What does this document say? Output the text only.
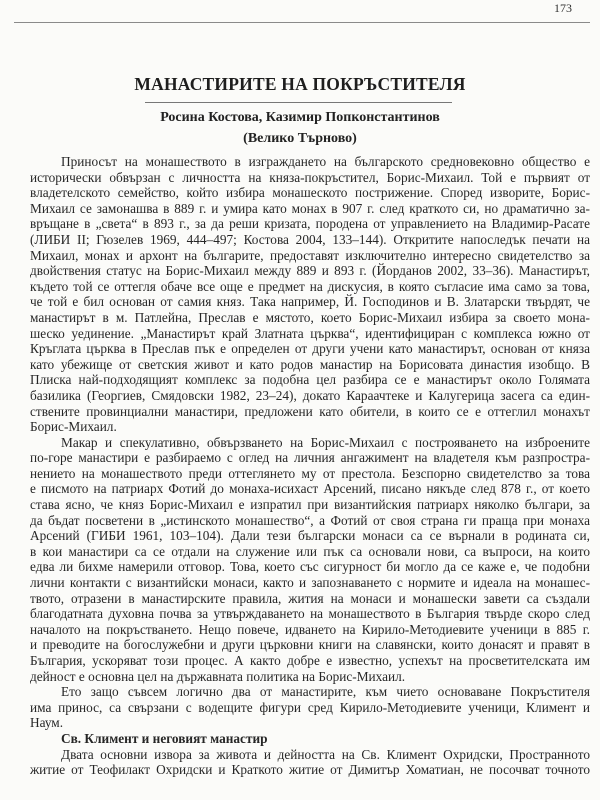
173
МАНАСТИРИТЕ НА ПОКРЪСТИТЕЛЯ
Росина Костова, Казимир Попконстантинов
(Велико Търново)
Приносът на монашеството в изграждането на българското средновековно общество е
исторически обвързан с личността на княза-покръстител, Борис-Михаил. Той е първият от
владетелското семейство, който избира монашеското пострижение. Според изворите, Борис-
Михаил се замонашва в 889 г. и умира като монах в 907 г. след краткото си, но драматично за-
връщане в „света“ в 893 г., за да реши кризата, породена от управлението на Владимир-Расате
(ЛИБИ II; Гюзелев 1969, 444–497; Костова 2004, 133–144). Откритите напоследък печати на
Михаил, монах и архонт на българите, предоставят изключително интересно свидетелство за
двойствения статус на Борис-Михаил между 889 и 893 г. (Йорданов 2002, 33–36). Манастирът,
където той се оттегля обаче все още е предмет на дискусия, в която съгласие има само за това,
че той е бил основан от самия княз. Така например, Й. Господинов и В. Златарски твърдят, че
манастирът в м. Патлейна, Преслав е мястото, което Борис-Михаил избира за своето мона-
шеско уединение. „Манастирът край Златната църква“, идентифициран с комплекса южно от
Кръглата църква в Преслав пък е определен от други учени като манастирът, основан от княза
като убежище от светския живот и като родов манастир на Борисовата династия изобщо. В
Плиска най-подходящият комплекс за подобна цел разбира се е манастирът около Голямата
базилика (Георгиев, Смядовски 1982, 23–24), докато Караачтеке и Калугерица засега са един-
ствените провинциални манастири, предложени като обители, в които се е оттеглил монахът
Борис-Михаил.
Макар и спекулативно, обвързването на Борис-Михаил с построяването на изброените
по-горе манастири е разбираемо с оглед на личния ангажимент на владетеля към разпростра-
нението на монашеството преди оттеглянето му от престола. Безспорно свидетелство за това
е писмото на патриарх Фотий до монаха-исихаст Арсений, писано някъде след 878 г., от което
става ясно, че княз Борис-Михаил е изпратил при византийския патриарх няколко българи, за
да бъдат посветени в „истинското монашество“, а Фотий от своя страна ги праща при монаха
Арсений (ГИБИ 1961, 103–104). Дали тези български монаси са се върнали в родината си,
в кои манастири са се отдали на служение или пък са основали нови, са въпроси, на които
едва ли бихме намерили отговор. Това, което със сигурност би могло да се каже е, че подобни
лични контакти с византийски монаси, както и запознаването с нормите и идеала на монашес-
твото, отразени в манастирските правила, жития на монаси и монашески завети са създали
благодатната духовна почва за утвърждаването на монашеството в България твърде скоро след
началото на покръстването. Нещо повече, идването на Кирило-Методиевите ученици в 885 г.
и преводите на богослужебни и други църковни книги на славянски, които донасят и правят в
България, ускоряват този процес. А както добре е известно, успехът на просветителската им
дейност е основна цел на държавната политика на Борис-Михаил.
Ето защо съвсем логично два от манастирите, към чието основаване Покръстителя
има принос, са свързани с водещите фигури сред Кирило-Методиевите ученици, Климент и
Наум.
Св. Климент и неговият манастир
Двата основни извора за живота и дейността на Св. Климент Охридски, Пространното
житие от Теофилакт Охридски и Краткото житие от Димитър Хоматиан, не посочват точното
